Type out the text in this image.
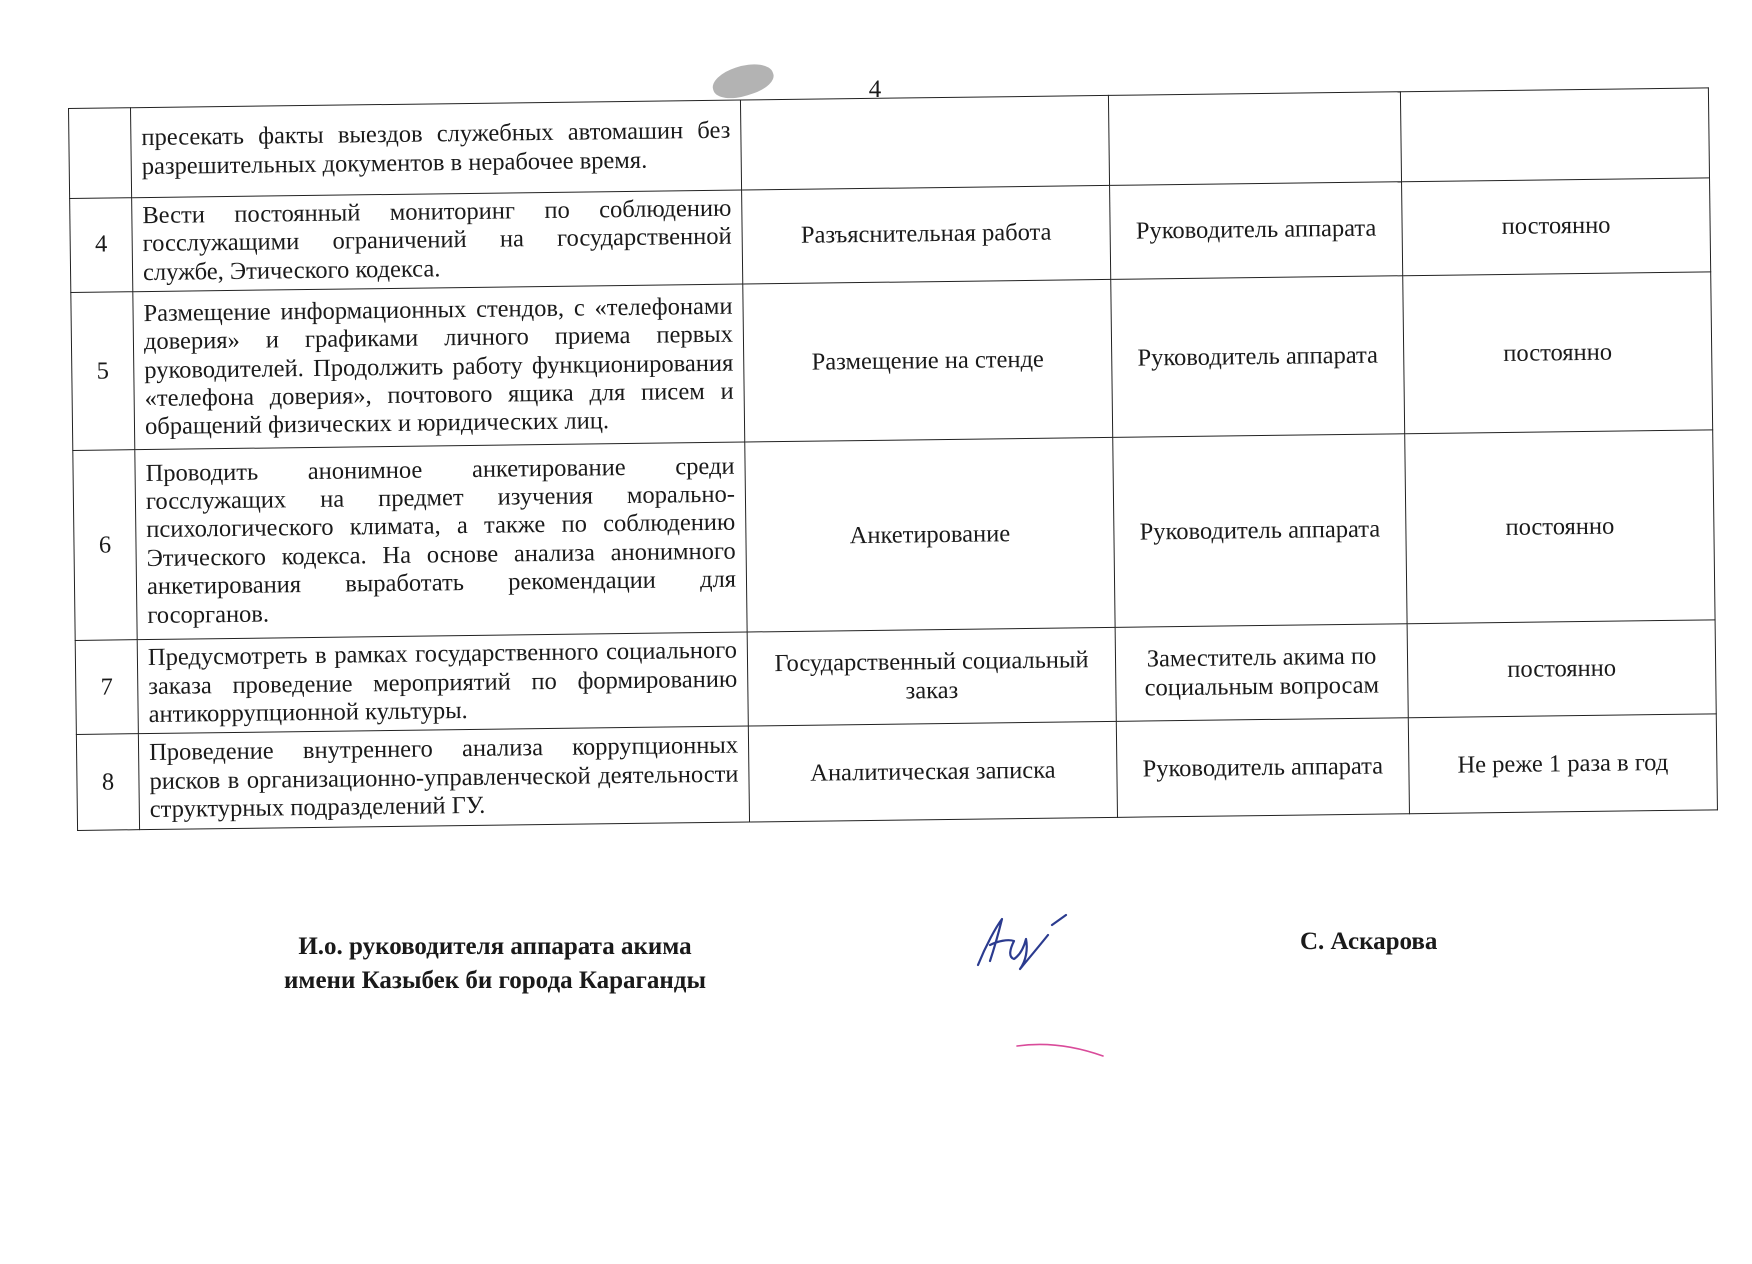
4
	пресекать факты выездов служебных автомашин без разрешительных документов в нерабочее время.			
4	Вести постоянный мониторинг по соблюдению госслужащими ограничений на государственной службе, Этического кодекса.	Разъяснительная работа	Руководитель аппарата	постоянно
5	Размещение информационных стендов, с «телефонами доверия» и графиками личного приема первых руководителей. Продолжить работу функционирования «телефона доверия», почтового ящика для писем и обращений физических и юридических лиц.	Размещение на стенде	Руководитель аппарата	постоянно
6	Проводить анонимное анкетирование среди госслужащих на предмет изучения морально-психологического климата, а также по соблюдению Этического кодекса. На основе анализа анонимного анкетирования выработать рекомендации для госорганов.	Анкетирование	Руководитель аппарата	постоянно
7	Предусмотреть в рамках государственного социального заказа проведение мероприятий по формированию антикоррупционной культуры.	Государственный социальный заказ	Заместитель акима по социальным вопросам	постоянно
8	Проведение внутреннего анализа коррупционных рисков в организационно-управленческой деятельности структурных подразделений ГУ.	Аналитическая записка	Руководитель аппарата	Не реже 1 раза в год
И.о. руководителя аппарата акима
имени Казыбек би города Караганды
С. Аскарова
